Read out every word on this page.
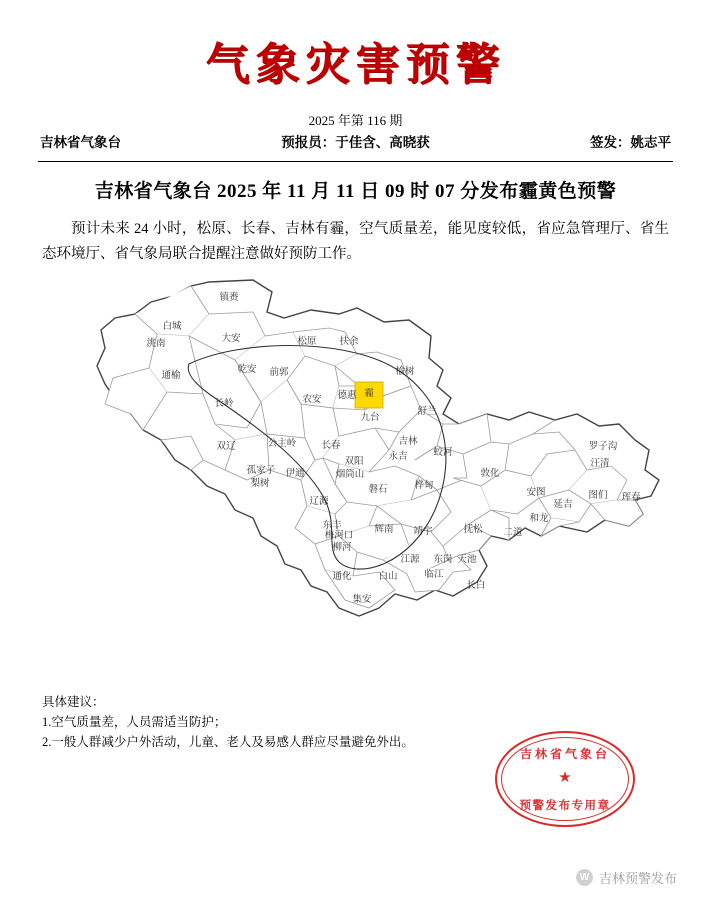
气象灾害预警
2025 年第 116 期
吉林省气象台	预报员：于佳含、高晓获	签发：姚志平
吉林省气象台 2025 年 11 月 11 日 09 时 07 分发布霾黄色预警
预计未来 24 小时，松原、长春、吉林有霾，空气质量差，能见度较低，省应急管理厅、省生态环境厅、省气象局联合提醒注意做好预防工作。
霾
镇赉
白城
大安	松原 扶余
洮南
通榆
乾安 前郭	榆树
长岭	农安 德惠
九台
舒兰
双辽	公主岭	长春	吉林
蛟河
罗子沟
汪清
双阳	永吉
孤家子 伊通	烟筒山
桦甸
敦化
安图	图们 珲春
梨树
磐石
延吉
辽源
和龙
东丰
梅河口
辉南 靖宇	抚松 二道
柳河
江源 东岗 天池
通化	白山	临江
长白
集安
具体建议：
1.空气质量差，人员需适当防护；
2.一般人群减少户外活动，儿童、老人及易感人群应尽量避免外出。
吉林省气象台
★
预警发布专用章
W 吉林预警发布
